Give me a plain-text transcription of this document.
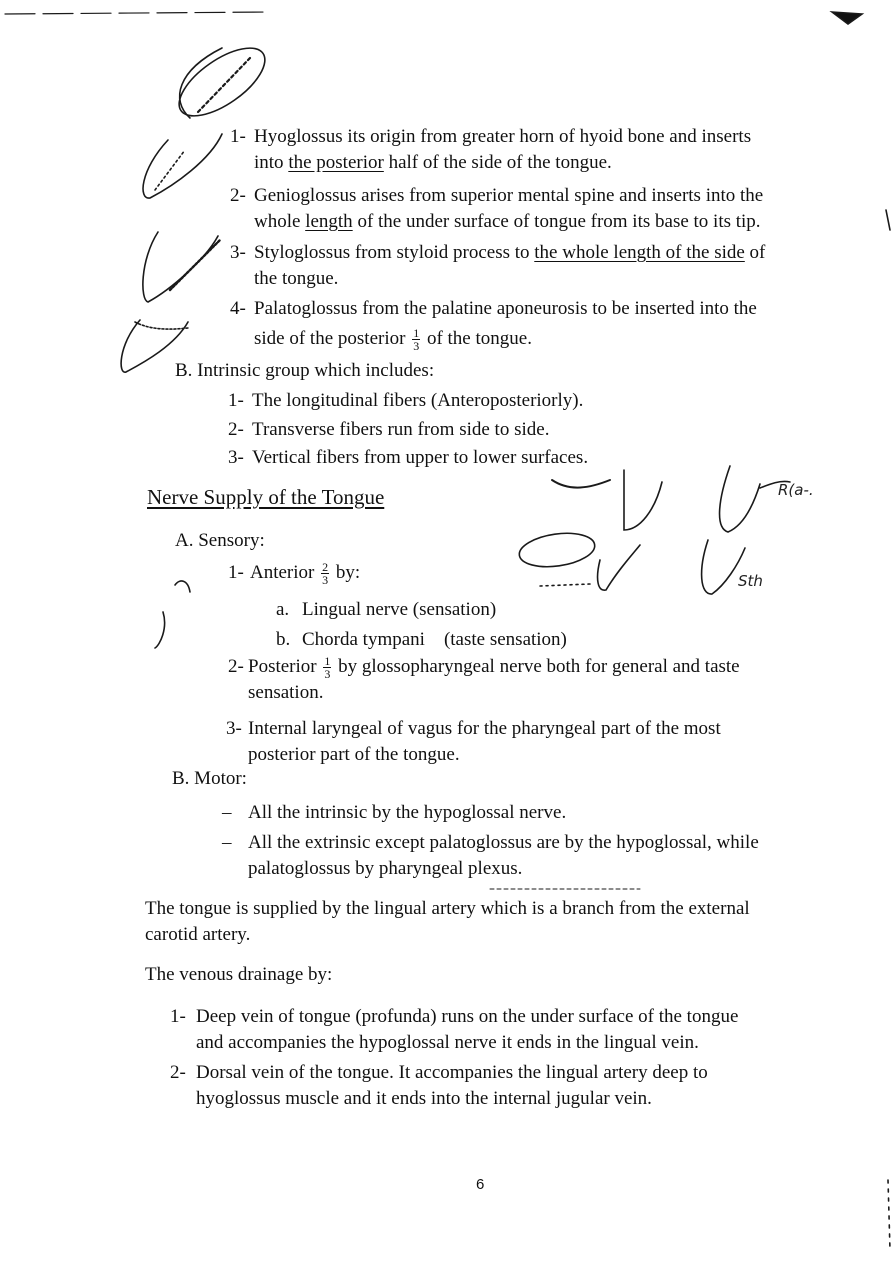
R(a-.
Sth
1- Hyoglossus its origin from greater horn of hyoid bone and inserts
into the posterior half of the side of the tongue.
2- Genioglossus arises from superior mental spine and inserts into the
whole length of the under surface of tongue from its base to its tip.
3- Styloglossus from styloid process to the whole length of the side of
the tongue.
4- Palatoglossus from the palatine aponeurosis to be inserted into the
side of the posterior $\frac{1}{3}$ of the tongue.
B. Intrinsic group which includes:
1- The longitudinal fibers (Anteroposteriorly).
2- Transverse fibers run from side to side.
3- Vertical fibers from upper to lower surfaces.
Nerve Supply of the Tongue
A. Sensory:
1- Anterior $\frac{2}{3}$ by:
a. Lingual nerve (sensation)
b. Chorda tympani    (taste sensation)
2- Posterior $\frac{1}{3}$ by glossopharyngeal nerve both for general and taste
sensation.
3- Internal laryngeal of vagus for the pharyngeal part of the most
posterior part of the tongue.
B. Motor:
– All the intrinsic by the hypoglossal nerve.
– All the extrinsic except palatoglossus are by the hypoglossal, while
palatoglossus by pharyngeal plexus.
The tongue is supplied by the lingual artery which is a branch from the external
carotid artery.
The venous drainage by:
1- Deep vein of tongue (profunda) runs on the under surface of the tongue
and accompanies the hypoglossal nerve it ends in the lingual vein.
2- Dorsal vein of the tongue. It accompanies the lingual artery deep to
hyoglossus muscle and it ends into the internal jugular vein.
6
